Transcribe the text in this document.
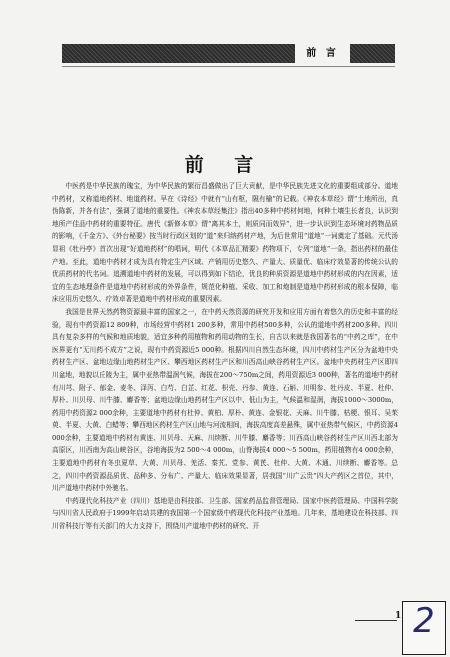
前 言
前 言

中医药是中华民族的瑰宝，为中华民族的繁衍昌盛做出了巨大贡献，是中华民族先进文化的重要组成部分。道地中药材，又称道地药材、地道药材。早在《诗经》中就有“山有枢，隰有榆”的记载。《神农本草经》谓“土地所出，真伪陈新，并各有法”，强调了道地的重要性。《神农本草经集注》指出40多种中药材何地，何种土壤生长者良，认识到地所产佳品中药材的重要特征。唐代《新修本草》谓“离其本土，则质同而效异”，进一步认识到生态环境对药物品质的影响，《千金方》、《外台秘要》按当时行政区划的“道”来归纳药材产地，为后世常用“道地”一词奠定了基础。元代汤显祖《牡丹亭》首次出现“好道地药材”的唱词，明代《本草品汇精要》药物项下，专列“道地”一条，指出药材的最佳产地。至此，道地中药材才成为具有特定生产区域、产销用历史悠久、产量大、质量优、临床疗效显著的传统公认的优质药材的代名词。追溯道地中药材的发展，可以得到如下结论，优良的种质资源是道地中药材形成的内在因素，适宜的生态地理条件是道地中药材形成的外界条件，规范化种植、采收、加工和炮制是道地中药材形成的根本保障，临床应用历史悠久、疗效卓著是道地中药材形成的重要因素。

我国是世界天然药物资源最丰富的国家之一，在中药天然资源的研究开发和应用方面有着悠久的历史和丰富的经验，现有中药资源12 809种，市场经营中药材1 200多种，常用中药材500多种，公认的道地中药材200多种。四川具有复杂多样的气候和地质地貌，适宜多种药用植物和药用动物的生长，自古以来就是我国著名的“中药之库”，在中医界更有“无川药不成方”之说，现有中药资源近5 000种。根据四川自然生态环境，四川中药材生产区分为盆地中央药材生产区、盆地边缘山地药材生产区、攀西地区药材生产区和川西高山峡谷药材生产区。盆地中央药材生产区即四川盆地，地貌以丘陵为主，属中亚热带温润气候，海拔在200～750m之间，药用资源近3 000种，著名的道地中药材有川芎、附子、郁金、麦冬、泽泻、白芍、白芷、红花、枳壳、丹参、黄连、石斛、川明参、牡丹皮、半夏、杜仲、厚朴、川贝母、川牛膝、麝香等；盆地边缘山地药材生产区以中、低山为主，气候温和湿润，海拔1000～3000m，药用中药资源2 000余种，主要道地中药材有杜仲、黄柏、厚朴、黄连、金银花、天麻、川牛膝、枯梗、银耳、吴茱萸、半夏、大黄、白蜡等；攀西地区药材生产区山地与河流相间，海拔高度高差悬殊，属中亚热带气候区，中药资源4 000余种，主要道地中药材有黄连、川贝母、天麻、川续断、川牛膝、麝香等；川西高山峡谷药材生产区川西北部为高原区，川西南为高山峡谷区，谷地海拔为2 500～4 000m，山脊海拔4 000～5 500m，药用植物有4 000余种，主要道地中药材有冬虫夏草、大黄、川贝母、羌活、秦艽、党参、黄芪、杜仲、大黄、木通、川续断、麝香等。总之，四川中药资源品质优、品种多、分布广、产量大、临床效果显著，居我国“川广云贵”四大产药区之首位，其中，川产道地中药材中外驰名。

中药现代化科技产业（四川）基地是由科技部、卫生部、国家药品监督管理局、国家中医药管理局、中国科学院与四川省人民政府于1999年启动共建的我国第一个国家级中药现代化科技产业基地。几年来，基地建设在科技部、四川省科技厅等有关部门的大力支持下，围绕川产道地中药材的研究、开

1 2
